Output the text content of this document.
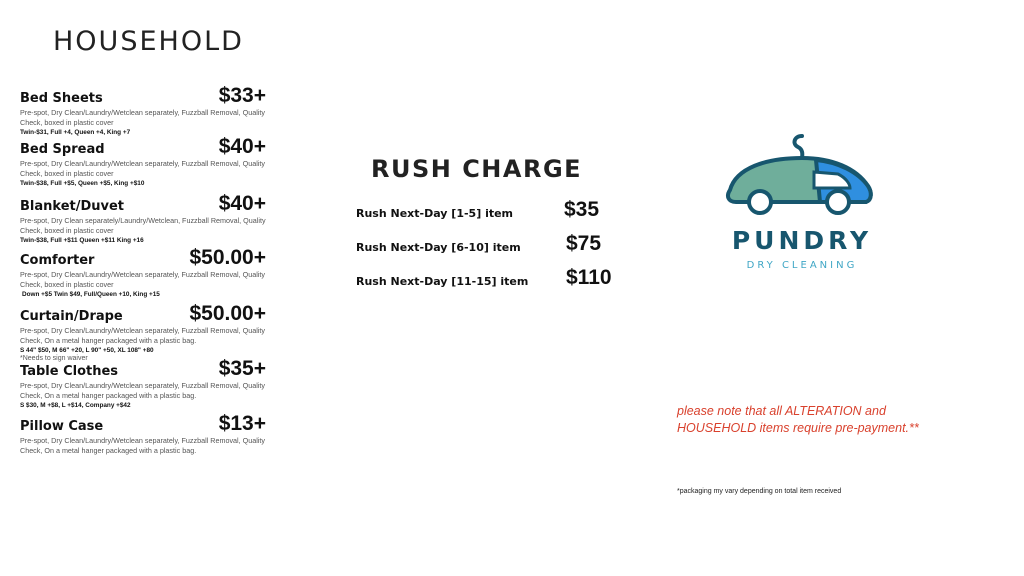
HOUSEHOLD
Bed Sheets	$33+
Pre-spot, Dry Clean/Laundry/Wetclean separately, Fuzzball Removal, Quality Check, boxed in plastic cover
Twin-$31, Full +4, Queen +4, King +7
Bed Spread	$40+
Pre-spot, Dry Clean/Laundry/Wetclean separately, Fuzzball Removal, Quality Check, boxed in plastic cover
Twin-$38, Full +$5, Queen +$5, King +$10
Blanket/Duvet	$40+
Pre-spot, Dry Clean separately/Laundry/Wetclean, Fuzzball Removal, Quality Check, boxed in plastic cover
Twin-$38, Full +$11 Queen +$11 King +16
Comforter	$50.00+
Pre-spot, Dry Clean/Laundry/Wetclean separately, Fuzzball Removal, Quality Check, boxed in plastic cover
Down +$5 Twin $49, Full/Queen +10, King +15
Curtain/Drape	$50.00+
Pre-spot, Dry Clean/Laundry/Wetclean separately, Fuzzball Removal, Quality Check, On a metal hanger packaged with a plastic bag.
S 44" $50, M 66" +20, L 90" +50, XL 108" +80
*Needs to sign waiver
Table Clothes	$35+
Pre-spot, Dry Clean/Laundry/Wetclean separately, Fuzzball Removal, Quality Check, On a metal hanger packaged with a plastic bag.
S $30, M +$8, L +$14, Company +$42
Pillow Case	$13+
Pre-spot, Dry Clean/Laundry/Wetclean separately, Fuzzball Removal, Quality Check, On a metal hanger packaged with a plastic bag.
RUSH CHARGE
Rush Next-Day [1-5] item $35
Rush Next-Day [6-10] item $75
Rush Next-Day [11-15] item $110
PUNDRY
DRY CLEANING
please note that all ALTERATION and HOUSEHOLD items require pre-payment.**
*packaging my vary depending on total item received
